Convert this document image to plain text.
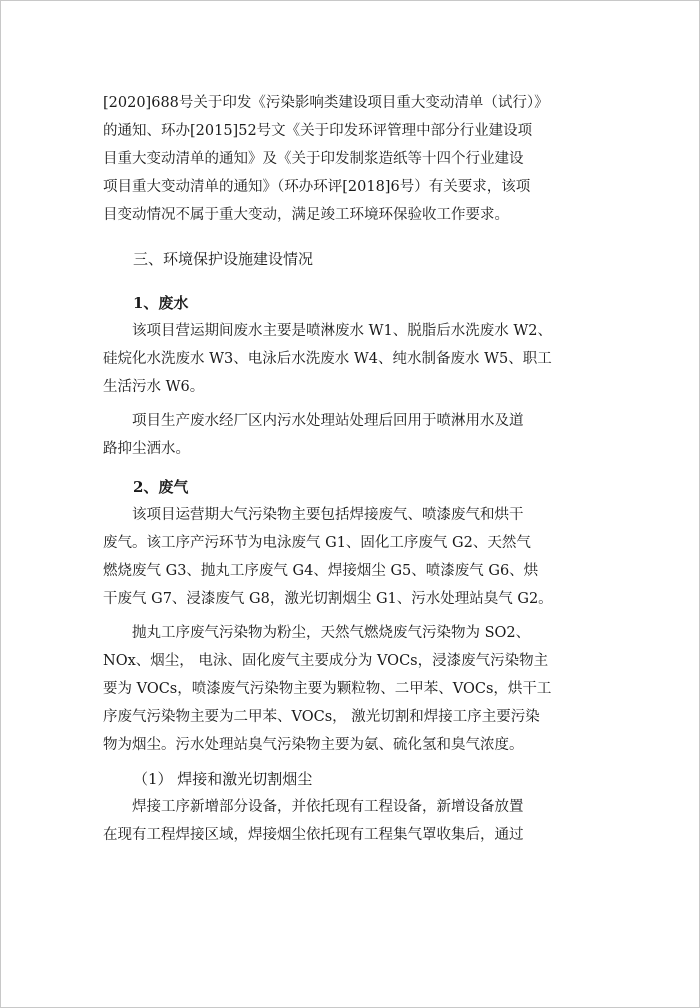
[2020]688号关于印发《污染影响类建设项目重大变动清单（试行）》
的通知、环办[2015]52号文《关于印发环评管理中部分行业建设项
目重大变动清单的通知》及《关于印发制浆造纸等十四个行业建设
项目重大变动清单的通知》（环办环评[2018]6号）有关要求，该项
目变动情况不属于重大变动，满足竣工环境环保验收工作要求。

三、环境保护设施建设情况

1、废水

该项目营运期间废水主要是喷淋废水 W1、脱脂后水洗废水 W2、
硅烷化水洗废水 W3、电泳后水洗废水 W4、纯水制备废水 W5、职工
生活污水 W6。

项目生产废水经厂区内污水处理站处理后回用于喷淋用水及道
路抑尘洒水。

2、废气

该项目运营期大气污染物主要包括焊接废气、喷漆废气和烘干
废气。该工序产污环节为电泳废气 G1、固化工序废气 G2、天然气
燃烧废气 G3、抛丸工序废气 G4、焊接烟尘 G5、喷漆废气 G6、烘
干废气 G7、浸漆废气 G8，激光切割烟尘 G1、污水处理站臭气 G2。

抛丸工序废气污染物为粉尘，天然气燃烧废气污染物为 SO2、
NOx、烟尘， 电泳、固化废气主要成分为 VOCs，浸漆废气污染物主
要为 VOCs，喷漆废气污染物主要为颗粒物、二甲苯、VOCs，烘干工
序废气污染物主要为二甲苯、VOCs， 激光切割和焊接工序主要污染
物为烟尘。污水处理站臭气污染物主要为氨、硫化氢和臭气浓度。

（1） 焊接和激光切割烟尘

焊接工序新增部分设备，并依托现有工程设备，新增设备放置
在现有工程焊接区域，焊接烟尘依托现有工程集气罩收集后，通过
